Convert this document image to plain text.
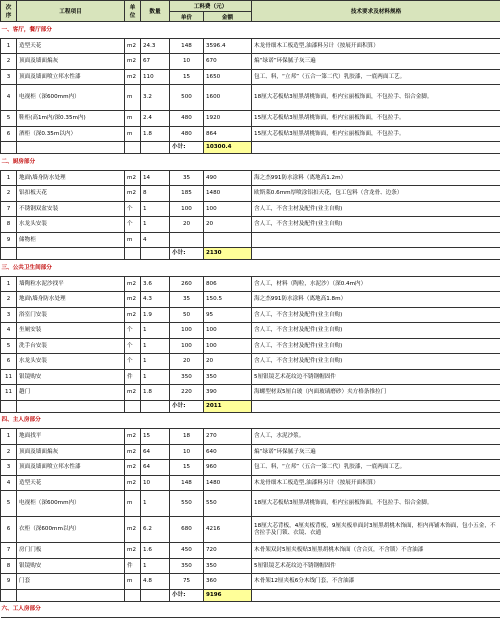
次
序	工程项目	单
位	数量	工料费（元）		技术要求及材料规格
				单价	金额	
一、客厅，餐厅部分						
1	造型天花	m2	24.3	148	3596.4	木龙骨细木工板造型,油漆料另计（按展开面积算）
2	顶面及墙面煸灰	m2	67	10	670	煸“绿诺”环保腻子灰三遍
3	顶面及墙面喷立邦水性漆	m2	110	15	1650	包工、料，“立邦”（五合一第二代）乳胶漆，一底两面工艺。
4	电视柜（深600mm内）	m	3.2	500	1600	18厘大芯板贴3厘黑胡桃饰面，柜内宝丽板饰面，不包拉手、铝合金脚。
5	鞋柜(高1m内/深0.35m内)	m	2.4	480	1920	15厘大芯板贴3厘黑胡桃饰面，柜内宝丽板饰面，不包拉手。
6	酒柜（深0.35m以内）	m	1.8	480	864	15厘大芯板贴3厘黑胡桃饰面，柜内宝丽板饰面，不包拉手。
				小计:	10300.4	
二、厨房部分						
1	地面\墙身防水处理	m2	14	35	490	海之杰991防水涂料（离地高1.2m）
2	铝扣板天花	m2	8	185	1480	欧斯莱0.6mm厚喷涂铝扣天花，包工包料（含龙骨、边条）
7	不锈钢双盆安装	个	1	100	100	含人工，不含主材及配件(业主自购)
8	水龙头安装	个	1	20	20	含人工，不含主材及配件(业主自购)
9	储物柜	m	4			
				小计:	2130	
三、公共卫生间部分						
1	墙陶粒水泥沙找平	m2	3.6	260	806	含人工，材料（陶粒，水泥沙）（深0.4m内）
2	地面\墙身防水处理	m2	4.3	35	150.5	海之杰991防水涂料（离地高1.8m）
3	浴室门安装	m2	1.9	50	95	含人工，不含主材及配件(业主自购)
4	坐厕安装	个	1	100	100	含人工，不含主材及配件(业主自购)
5	洗手台安装	个	1	100	100	含人工，不含主材及配件(业主自购)
6	水龙头安装	个	1	20	20	含人工，不含主材及配件(业主自购)
11	银镜购安	件	1	350	350	5厘银镜艺术花纹边不锈钢帽固件
11	趟门	m2	1.8	220	390	海螺型材双5厘白玻（内面玻璃磨砂）夹方格条推拉门
				小计:	2011	
四、主人房部分						
1	地面找平	m2	15	18	270	含人工，水泥沙浆。
2	顶面及墙面煸灰	m2	64	10	640	煸“绿诺”环保腻子灰三遍
3	顶面及墙面喷立邦水性漆	m2	64	15	960	包工、料，“立邦”（五合一第二代）乳胶漆，一底两面工艺。
4	造型天花	m2	10	148	1480	木龙骨细木工板造型,油漆料另计（按展开面积算）
5	电视柜（深600mm内）	m	1	550	550	18厘大芯板贴3厘黑胡桃饰面，柜内宝丽板饰面，不包拉手、铝合金脚。
6	衣柜（深600mm以内）	m2	6.2	680	4216	18厘大芯背板，4厘夹板背板，9厘夹板单面封3厘黑胡桃木饰面，柜内再铺木饰面，包小五金，不含拉手及门锁、衣镜、衣通
7	房门门板	m2	1.6	450	720	木骨架双封5厘夹板贴3厘黑胡桃木饰面（含合页，不含锁）不含油漆
8	银镜购安	件	1	350	350	5厘银镜艺术花纹边不锈钢帽固件
9	门套	m	4.8	75	360	木骨架12厘夹板6分木线门套，不含油漆
				小计:	9196	
六、工人房部分						
